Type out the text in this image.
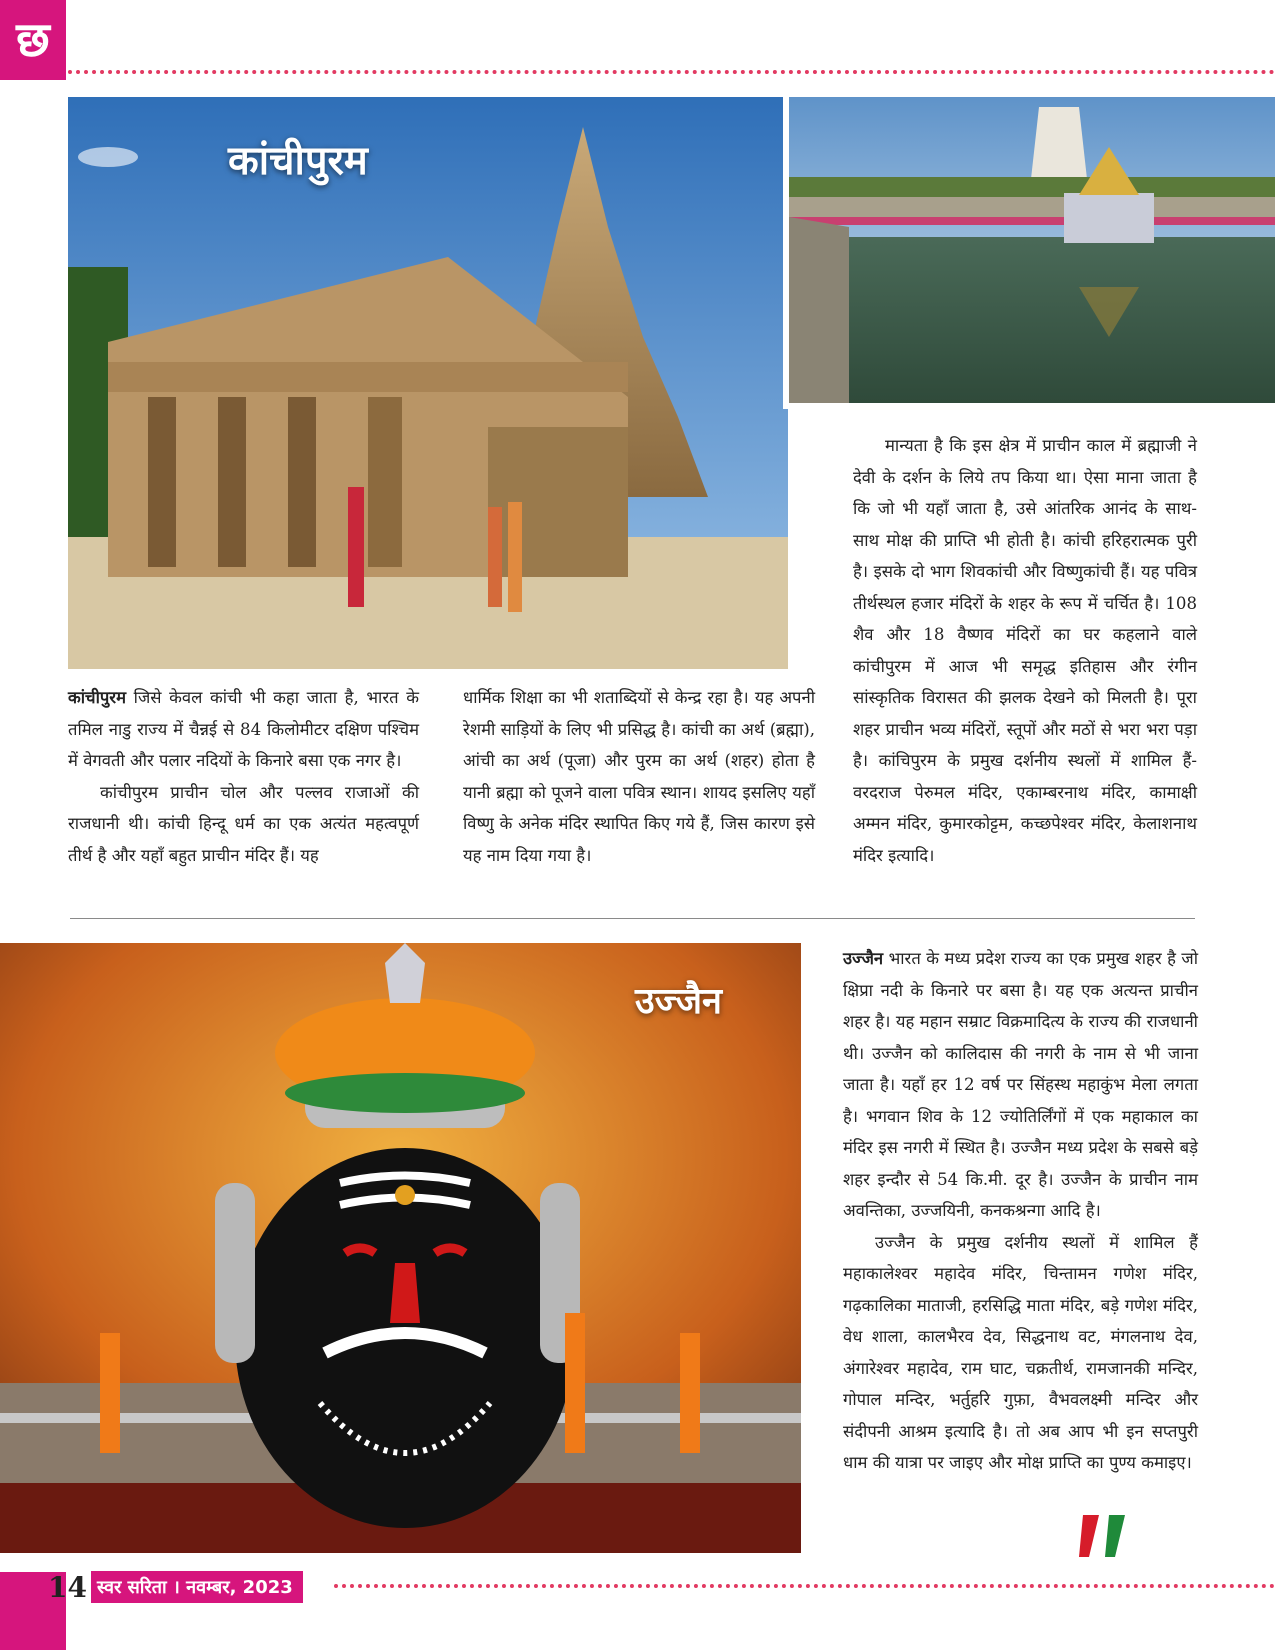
छ
कांचीपुरम

कांचीपुरम जिसे केवल कांची भी कहा जाता है, भारत के तमिल नाडु राज्य में चैन्नई से 84 किलोमीटर दक्षिण पश्चिम में वेगवती और पलार नदियों के किनारे बसा एक नगर है।

कांचीपुरम प्राचीन चोल और पल्लव राजाओं की राजधानी थी। कांची हिन्दू धर्म का एक अत्यंत महत्वपूर्ण तीर्थ है और यहाँ बहुत प्राचीन मंदिर हैं। यह

धार्मिक शिक्षा का भी शताब्दियों से केन्द्र रहा है। यह अपनी रेशमी साड़ियों के लिए भी प्रसिद्ध है। कांची का अर्थ (ब्रह्मा), आंची का अर्थ (पूजा) और पुरम का अर्थ (शहर) होता है यानी ब्रह्मा को पूजने वाला पवित्र स्थान। शायद इसलिए यहाँ विष्णु के अनेक मंदिर स्थापित किए गये हैं, जिस कारण इसे यह नाम दिया गया है।

मान्यता है कि इस क्षेत्र में प्राचीन काल में ब्रह्माजी ने देवी के दर्शन के लिये तप किया था। ऐसा माना जाता है कि जो भी यहाँ जाता है, उसे आंतरिक आनंद के साथ-साथ मोक्ष की प्राप्ति भी होती है। कांची हरिहरात्मक पुरी है। इसके दो भाग शिवकांची और विष्णुकांची हैं। यह पवित्र तीर्थस्थल हजार मंदिरों के शहर के रूप में चर्चित है। 108 शैव और 18 वैष्णव मंदिरों का घर कहलाने वाले कांचीपुरम में आज भी समृद्ध इतिहास और रंगीन सांस्कृतिक विरासत की झलक देखने को मिलती है। पूरा शहर प्राचीन भव्य मंदिरों, स्तूपों और मठों से भरा भरा पड़ा है। कांचिपुरम के प्रमुख दर्शनीय स्थलों में शामिल हैं- वरदराज पेरुमल मंदिर, एकाम्बरनाथ मंदिर, कामाक्षी अम्मन मंदिर, कुमारकोट्टम, कच्छपेश्वर मंदिर, केलाशनाथ मंदिर इत्यादि।

उज्जैन

उज्जैन भारत के मध्य प्रदेश राज्य का एक प्रमुख शहर है जो क्षिप्रा नदी के किनारे पर बसा है। यह एक अत्यन्त प्राचीन शहर है। यह महान सम्राट विक्रमादित्य के राज्य की राजधानी थी। उज्जैन को कालिदास की नगरी के नाम से भी जाना जाता है। यहाँ हर 12 वर्ष पर सिंहस्थ महाकुंभ मेला लगता है। भगवान शिव के 12 ज्योतिर्लिंगों में एक महाकाल का मंदिर इस नगरी में स्थित है। उज्जैन मध्य प्रदेश के सबसे बड़े शहर इन्दौर से 54 कि.मी. दूर है। उज्जैन के प्राचीन नाम अवन्तिका, उज्जयिनी, कनकश्रन्गा आदि है।

उज्जैन के प्रमुख दर्शनीय स्थलों में शामिल हैं महाकालेश्वर महादेव मंदिर, चिन्तामन गणेश मंदिर, गढ़कालिका माताजी, हरसिद्धि माता मंदिर, बड़े गणेश मंदिर, वेध शाला, कालभैरव देव, सिद्धनाथ वट, मंगलनाथ देव, अंगारेश्वर महादेव, राम घाट, चक्रतीर्थ, रामजानकी मन्दिर, गोपाल मन्दिर, भर्तुहरि गुफ़ा, वैभवलक्ष्मी मन्दिर और संदीपनी आश्रम इत्यादि है। तो अब आप भी इन सप्तपुरी धाम की यात्रा पर जाइए और मोक्ष प्राप्ति का पुण्य कमाइए।

14 स्वर सरिता । नवम्बर, 2023
